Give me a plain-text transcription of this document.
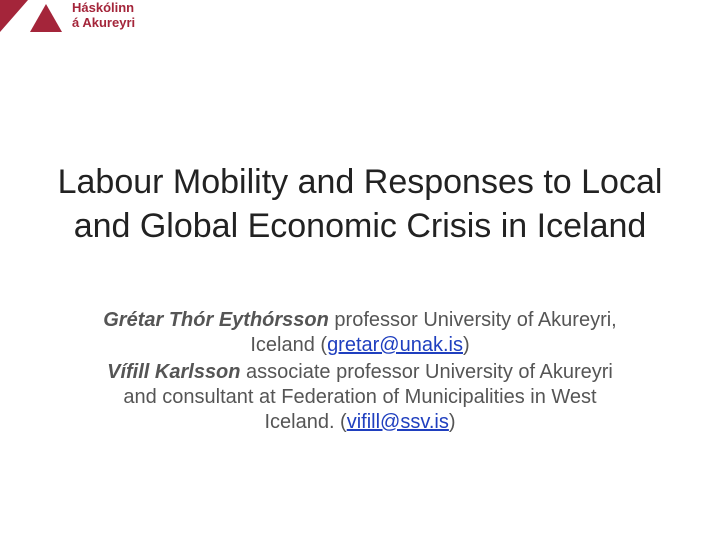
Háskólinn
á Akureyri
Labour Mobility and Responses to Local and Global Economic Crisis in Iceland

Grétar Thór Eythórsson professor University of Akureyri, Iceland (gretar@unak.is)

Vífill Karlsson associate professor University of Akureyri and consultant at Federation of Municipalities in West Iceland. (vifill@ssv.is)
